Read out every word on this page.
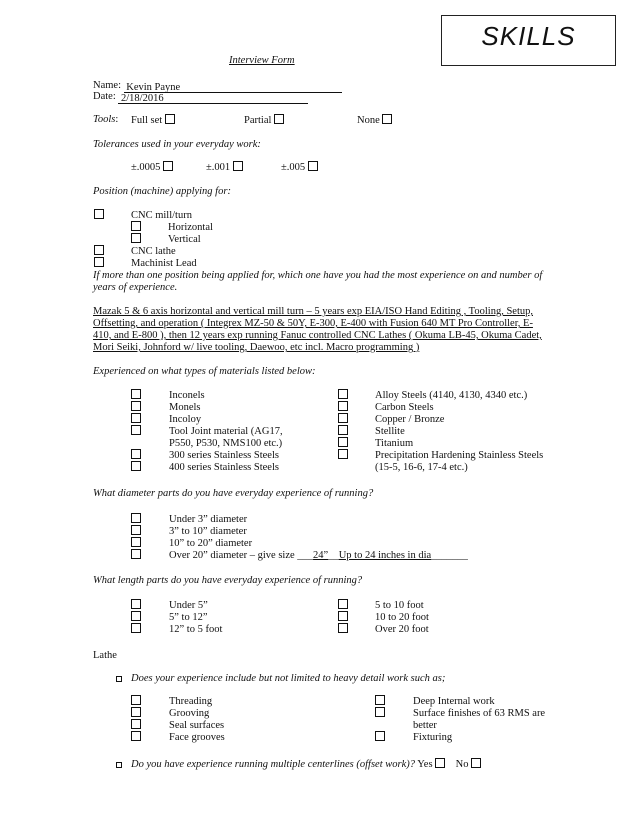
SKILLS
Interview Form
Name: Kevin Payne
Date: 2/18/2016
Tools: Full set	Partial	None
Tolerances used in your everyday work:
±.0005	±.001	±.005
Position (machine) applying for:
CNC mill/turn
Horizontal
Vertical
CNC lathe
Machinist Lead
If more than one position being applied for, which one have you had the most experience on and number of years of experience.
Mazak 5 & 6 axis horizontal and vertical mill turn – 5 years exp EIA/ISO Hand Editing , Tooling, Setup, Offsetting, and operation ( Integrex MZ-50 & 50Y, E-300, E-400 with Fusion 640 MT Pro Controller, E-410, and E-800 ), then 12 years exp running Fanuc controlled CNC Lathes ( Okuma LB-45, Okuma Cadet, Mori Seiki, Johnford w/ live tooling, Daewoo, etc incl. Macro programming )
Experienced on what types of materials listed below:
Inconels
Monels
Incoloy
Tool Joint material (AG17,
P550, P530, NMS100 etc.)
300 series Stainless Steels
400 series Stainless Steels
Alloy Steels (4140, 4130, 4340 etc.)
Carbon Steels
Copper / Bronze
Stellite
Titanium
Precipitation Hardening Stainless Steels
(15-5, 16-6, 17-4 etc.)
What diameter parts do you have everyday experience of running?
Under 3” diameter
3” to 10” diameter
10” to 20” diameter
Over 20” diameter – give size ___24”__Up to 24 inches in dia_______
What length parts do you have everyday experience of running?
Under 5”
5” to 12”
12” to 5 foot
5 to 10 foot
10 to 20 foot
Over 20 foot
Lathe
Does your experience include but not limited to heavy detail work such as;
Threading
Grooving
Seal surfaces
Face grooves
Deep Internal work
Surface finishes of 63 RMS are
better
Fixturing
Do you have experience running multiple centerlines (offset work)? Yes No
